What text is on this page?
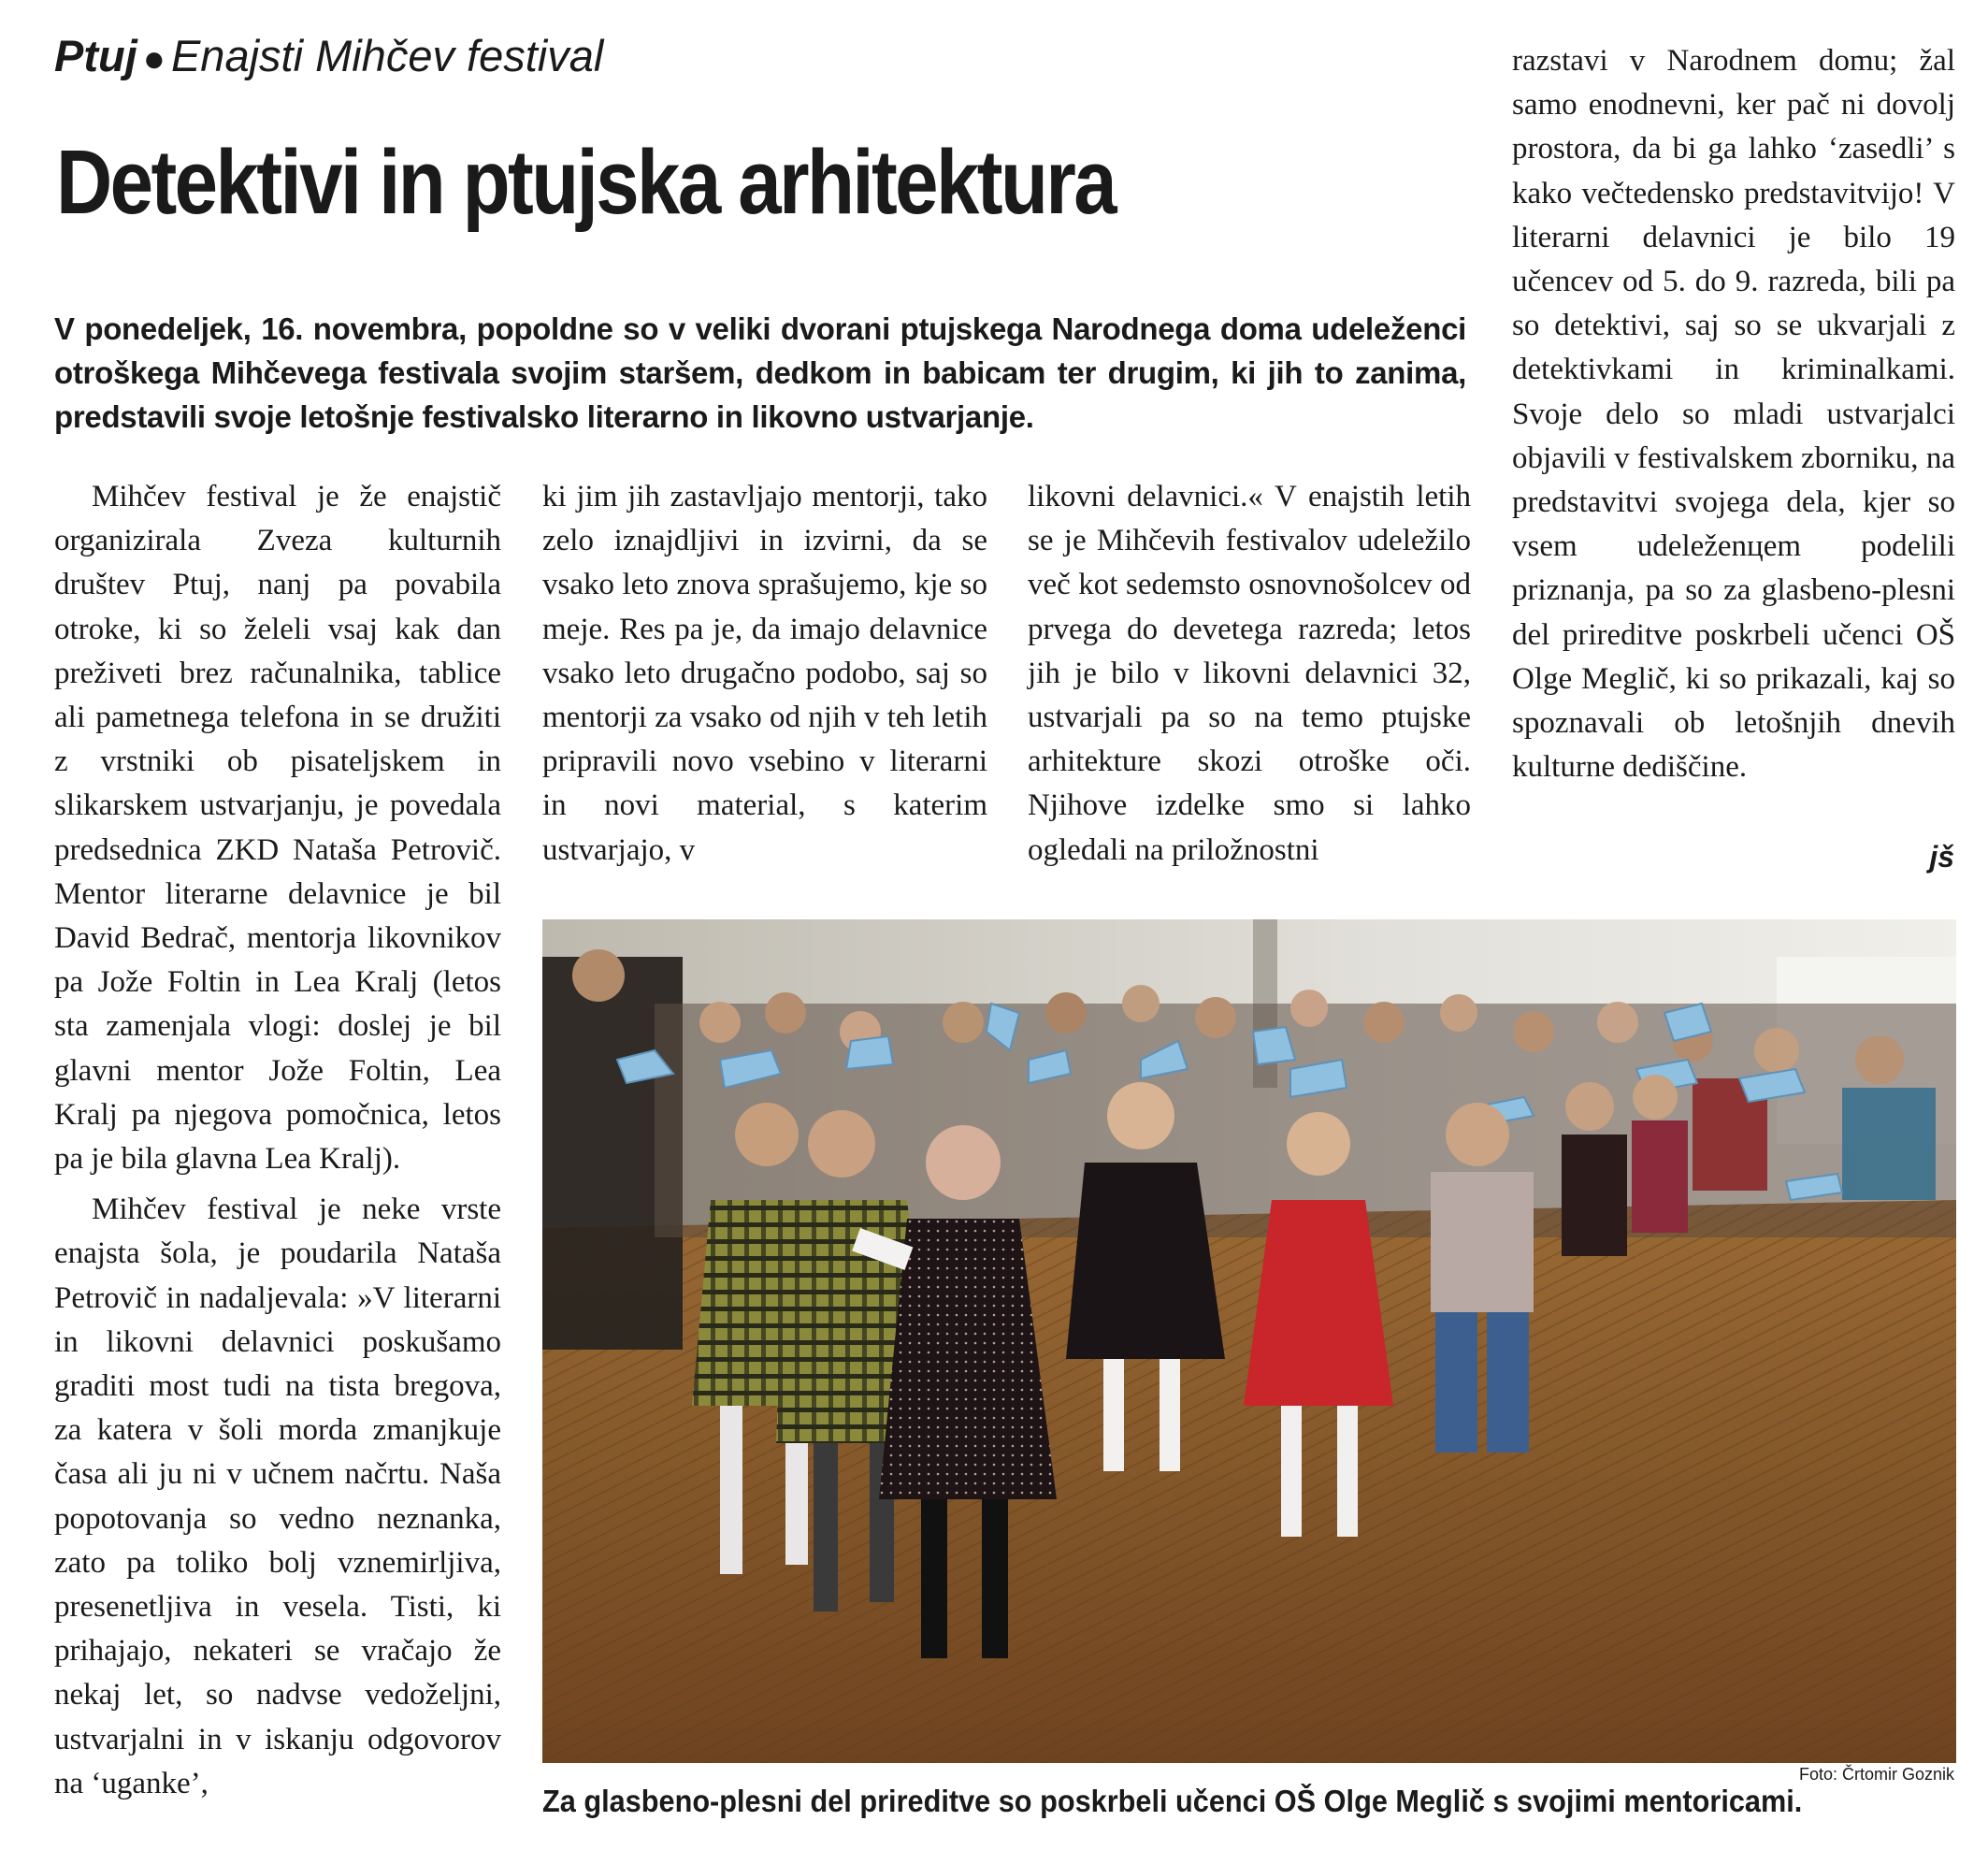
Ptuj ● Enajsti Mihčev festival
Detektivi in ptujska arhitektura
V ponedeljek, 16. novembra, popoldne so v veliki dvorani ptujskega Narodnega doma udeleženci otroškega Mihčevega festivala svojim staršem, dedkom in babicam ter drugim, ki jih to zanima, predstavili svoje letošnje festivalsko literarno in likovno ustvarjanje.

Mihčev festival je že enajstič organizirala Zveza kulturnih društev Ptuj, nanj pa povabila otroke, ki so želeli vsaj kak dan preživeti brez računalnika, tablice ali pametnega telefona in se družiti z vrstniki ob pisateljskem in slikarskem ustvarjanju, je povedala predsednica ZKD Nataša Petrovič. Mentor literarne delavnice je bil David Bedrač, mentorja likovnikov pa Jože Foltin in Lea Kralj (letos sta zamenjala vlogi: doslej je bil glavni mentor Jože Foltin, Lea Kralj pa njegova pomočnica, letos pa je bila glavna Lea Kralj).

Mihčev festival je neke vrste enajsta šola, je poudarila Nataša Petrovič in nadaljevala: »V literarni in likovni delavnici poskušamo graditi most tudi na tista bregova, za katera v šoli morda zmanjkuje časa ali ju ni v učnem načrtu. Naša popotovanja so vedno neznanka, zato pa toliko bolj vznemirljiva, presenetljiva in vesela. Tisti, ki prihajajo, nekateri se vračajo že nekaj let, so nadvse vedoželjni, ustvarjalni in v iskanju odgovorov na ‘uganke’,

ki jim jih zastavljajo mentorji, tako zelo iznajdljivi in izvirni, da se vsako leto znova sprašujemo, kje so meje. Res pa je, da imajo delavnice vsako leto drugačno podobo, saj so mentorji za vsako od njih v teh letih pripravili novo vsebino v literarni in novi material, s katerim ustvarjajo, v

likovni delavnici.« V enajstih letih se je Mihčevih festivalov udeležilo več kot sedemsto osnovnošolcev od prvega do devetega razreda; letos jih je bilo v likovni delavnici 32, ustvarjali pa so na temo ptujske arhitekture skozi otroške oči. Njihove izdelke smo si lahko ogledali na priložnostni

razstavi v Narodnem domu; žal samo enodnevni, ker pač ni dovolj prostora, da bi ga lahko ‘zasedli’ s kako večtedensko predstavitvijo! V literarni delavnici je bilo 19 učencev od 5. do 9. razreda, bili pa so detektivi, saj so se ukvarjali z detektivkami in kriminalkami. Svoje delo so mladi ustvarjalci objavili v festivalskem zborniku, na predstavitvi svojega dela, kjer so vsem udeleženцem podelili priznanja, pa so za glasbeno-plesni del prireditve poskrbeli učenci OŠ Olge Meglič, ki so prikazali, kaj so spoznavali ob letošnjih dnevih kulturne dediščine.

jš
Foto: Črtomir Goznik
Za glasbeno-plesni del prireditve so poskrbeli učenci OŠ Olge Meglič s svojimi mentoricami.
